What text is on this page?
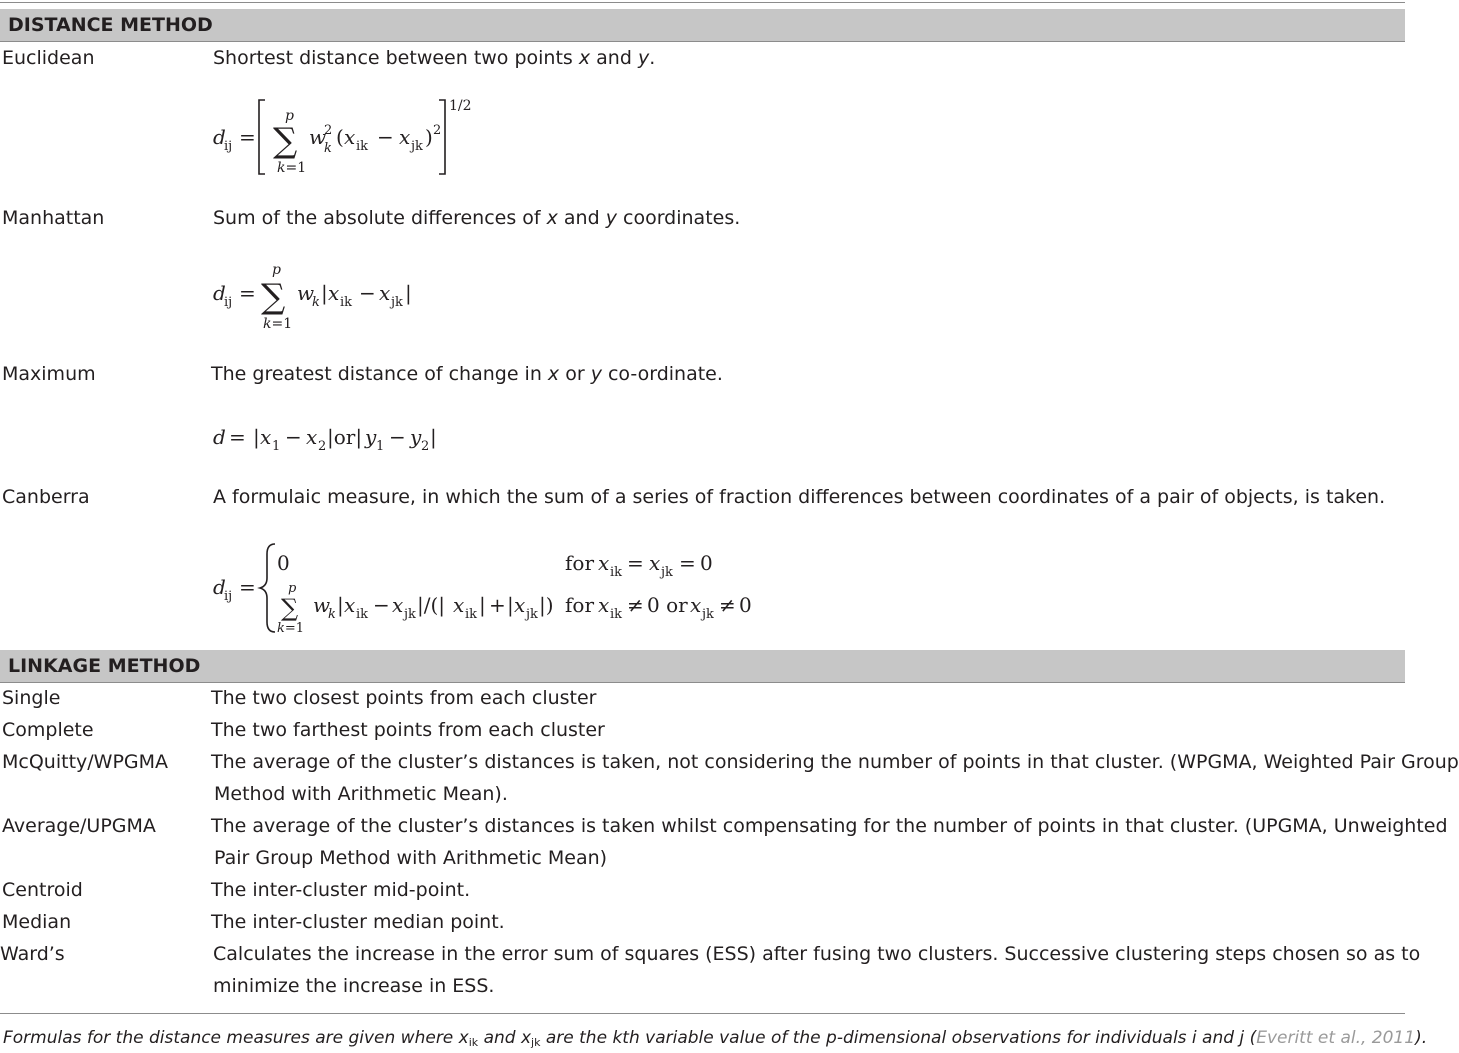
DISTANCE METHOD
Euclidean	Shortest distance between two points x and y.
d
ij =
p
∑
k=1
w
2
k ( x ik − x jk ) 2
1/2
Manhattan	Sum of the absolute differences of x and y coordinates.
d
ij =
p
∑
k=1
w
k | x ik − x jk |
Maximum	The greatest distance of change in x or y co-ordinate.
d = | x 1 − x 2 |or| y 1 − y 2 |
Canberra	A formulaic measure, in which the sum of a series of fraction differences between coordinates of a pair of objects, is taken.
d
ij =
0	for x ik = x jk = 0
p
∑
k=1
w
k | x ik − x jk |/(| x ik | + | x jk |) for x ik ≠ 0 or x jk ≠ 0
LINKAGE METHOD
Single	The two closest points from each cluster
Complete	The two farthest points from each cluster
McQuitty/WPGMA The average of the cluster’s distances is taken, not considering the number of points in that cluster. (WPGMA, Weighted Pair Group
Method with Arithmetic Mean).
Average/UPGMA	The average of the cluster’s distances is taken whilst compensating for the number of points in that cluster. (UPGMA, Unweighted
Pair Group Method with Arithmetic Mean)
Centroid	The inter-cluster mid-point.
Median	The inter-cluster median point.
Ward’s	Calculates the increase in the error sum of squares (ESS) after fusing two clusters. Successive clustering steps chosen so as to
minimize the increase in ESS.
Formulas for the distance measures are given where $x_{ik}$ and $x_{jk}$ are the kth variable value of the p-dimensional observations for individuals i and j (Everitt et al., 2011).
